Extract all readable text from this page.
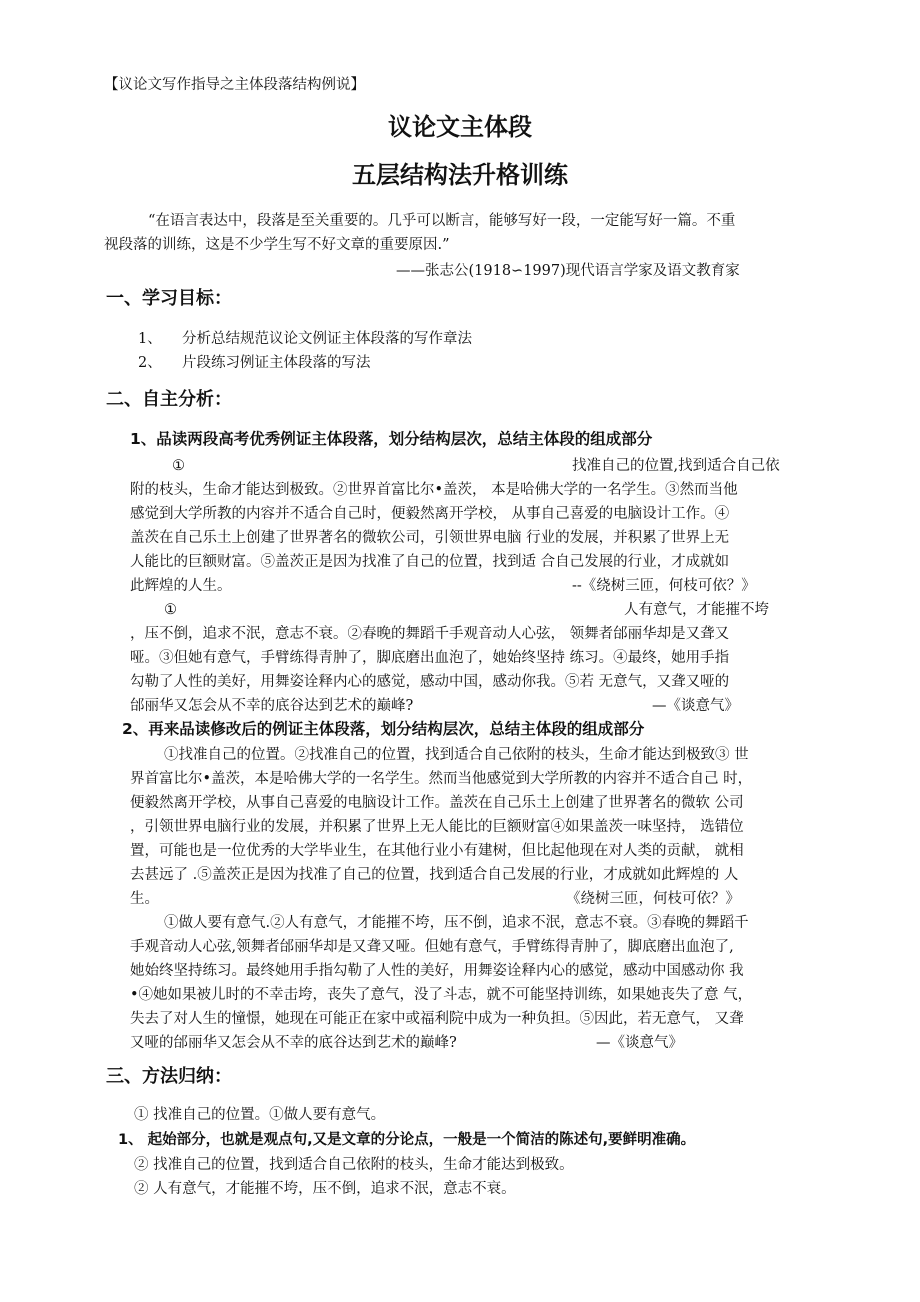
【议论文写作指导之主体段落结构例说】
议论文主体段
五层结构法升格训练
“在语言表达中，段落是至关重要的。几乎可以断言，能够写好一段，一定能写好一篇。不重
视段落的训练，这是不少学生写不好文章的重要原因.”
——张志公(1918∽1997)现代语言学家及语文教育家
一、学习目标：
1、 分析总结规范议论文例证主体段落的写作章法
2、 片段练习例证主体段落的写法
二、自主分析：
1、品读两段高考优秀例证主体段落，划分结构层次，总结主体段的组成部分
①	找准自己的位置,找到适合自己依
附的枝头，生命才能达到极致。②世界首富比尔•盖茨， 本是哈佛大学的一名学生。③然而当他
感觉到大学所教的内容并不适合自己时，便毅然离开学校， 从事自己喜爱的电脑设计工作。④
盖茨在自己乐土上创建了世界著名的微软公司，引领世界电脑 行业的发展，并积累了世界上无
人能比的巨额财富。⑤盖茨正是因为找准了自己的位置，找到适 合自己发展的行业，才成就如
此辉煌的人生。	--《绕树三匝，何枝可依？》
①	人有意气，才能摧不垮
，压不倒，追求不泯，意志不衰。②春晚的舞蹈千手观音动人心弦， 领舞者邰丽华却是又聋又
哑。③但她有意气，手臂练得青肿了，脚底磨出血泡了，她始终坚持 练习。④最终，她用手指
勾勒了人性的美好，用舞姿诠释内心的感觉，感动中国，感动你我。⑤若 无意气，又聋又哑的
邰丽华又怎会从不幸的底谷达到艺术的巅峰?	—《谈意气》
2、再来品读修改后的例证主体段落，划分结构层次，总结主体段的组成部分
①找准自己的位置。②找准自己的位置，找到适合自己依附的枝头，生命才能达到极致③ 世
界首富比尔•盖茨，本是哈佛大学的一名学生。然而当他感觉到大学所教的内容并不适合自己 时，
便毅然离开学校，从事自己喜爱的电脑设计工作。盖茨在自己乐土上创建了世界著名的微软 公司
，引领世界电脑行业的发展，并积累了世界上无人能比的巨额财富④如果盖茨一味坚持， 选错位
置，可能也是一位优秀的大学毕业生，在其他行业小有建树，但比起他现在对人类的贡献， 就相
去甚远了 .⑤盖茨正是因为找准了自己的位置，找到适合自己发展的行业，才成就如此辉煌的 人
生。	《绕树三匝，何枝可依？》
①做人要有意气.②人有意气，才能摧不垮，压不倒，追求不泯，意志不衰。③春晚的舞蹈千
手观音动人心弦,领舞者邰丽华却是又聋又哑。但她有意气，手臂练得青肿了，脚底磨出血泡了,
她始终坚持练习。最终她用手指勾勒了人性的美好，用舞姿诠释内心的感觉，感动中国感动你 我
•④她如果被儿时的不幸击垮，丧失了意气，没了斗志，就不可能坚持训练，如果她丧失了意 气，
失去了对人生的憧憬，她现在可能正在家中或福利院中成为一种负担。⑤因此，若无意气， 又聋
又哑的邰丽华又怎会从不幸的底谷达到艺术的巅峰?	—《谈意气》
三、方法归纳：
① 找准自己的位置。①做人要有意气。
1、 起始部分，也就是观点句,又是文章的分论点，一般是一个简洁的陈述句,要鲜明准确。
② 找准自己的位置，找到适合自己依附的枝头，生命才能达到极致。
② 人有意气，才能摧不垮，压不倒，追求不泯，意志不衰。
